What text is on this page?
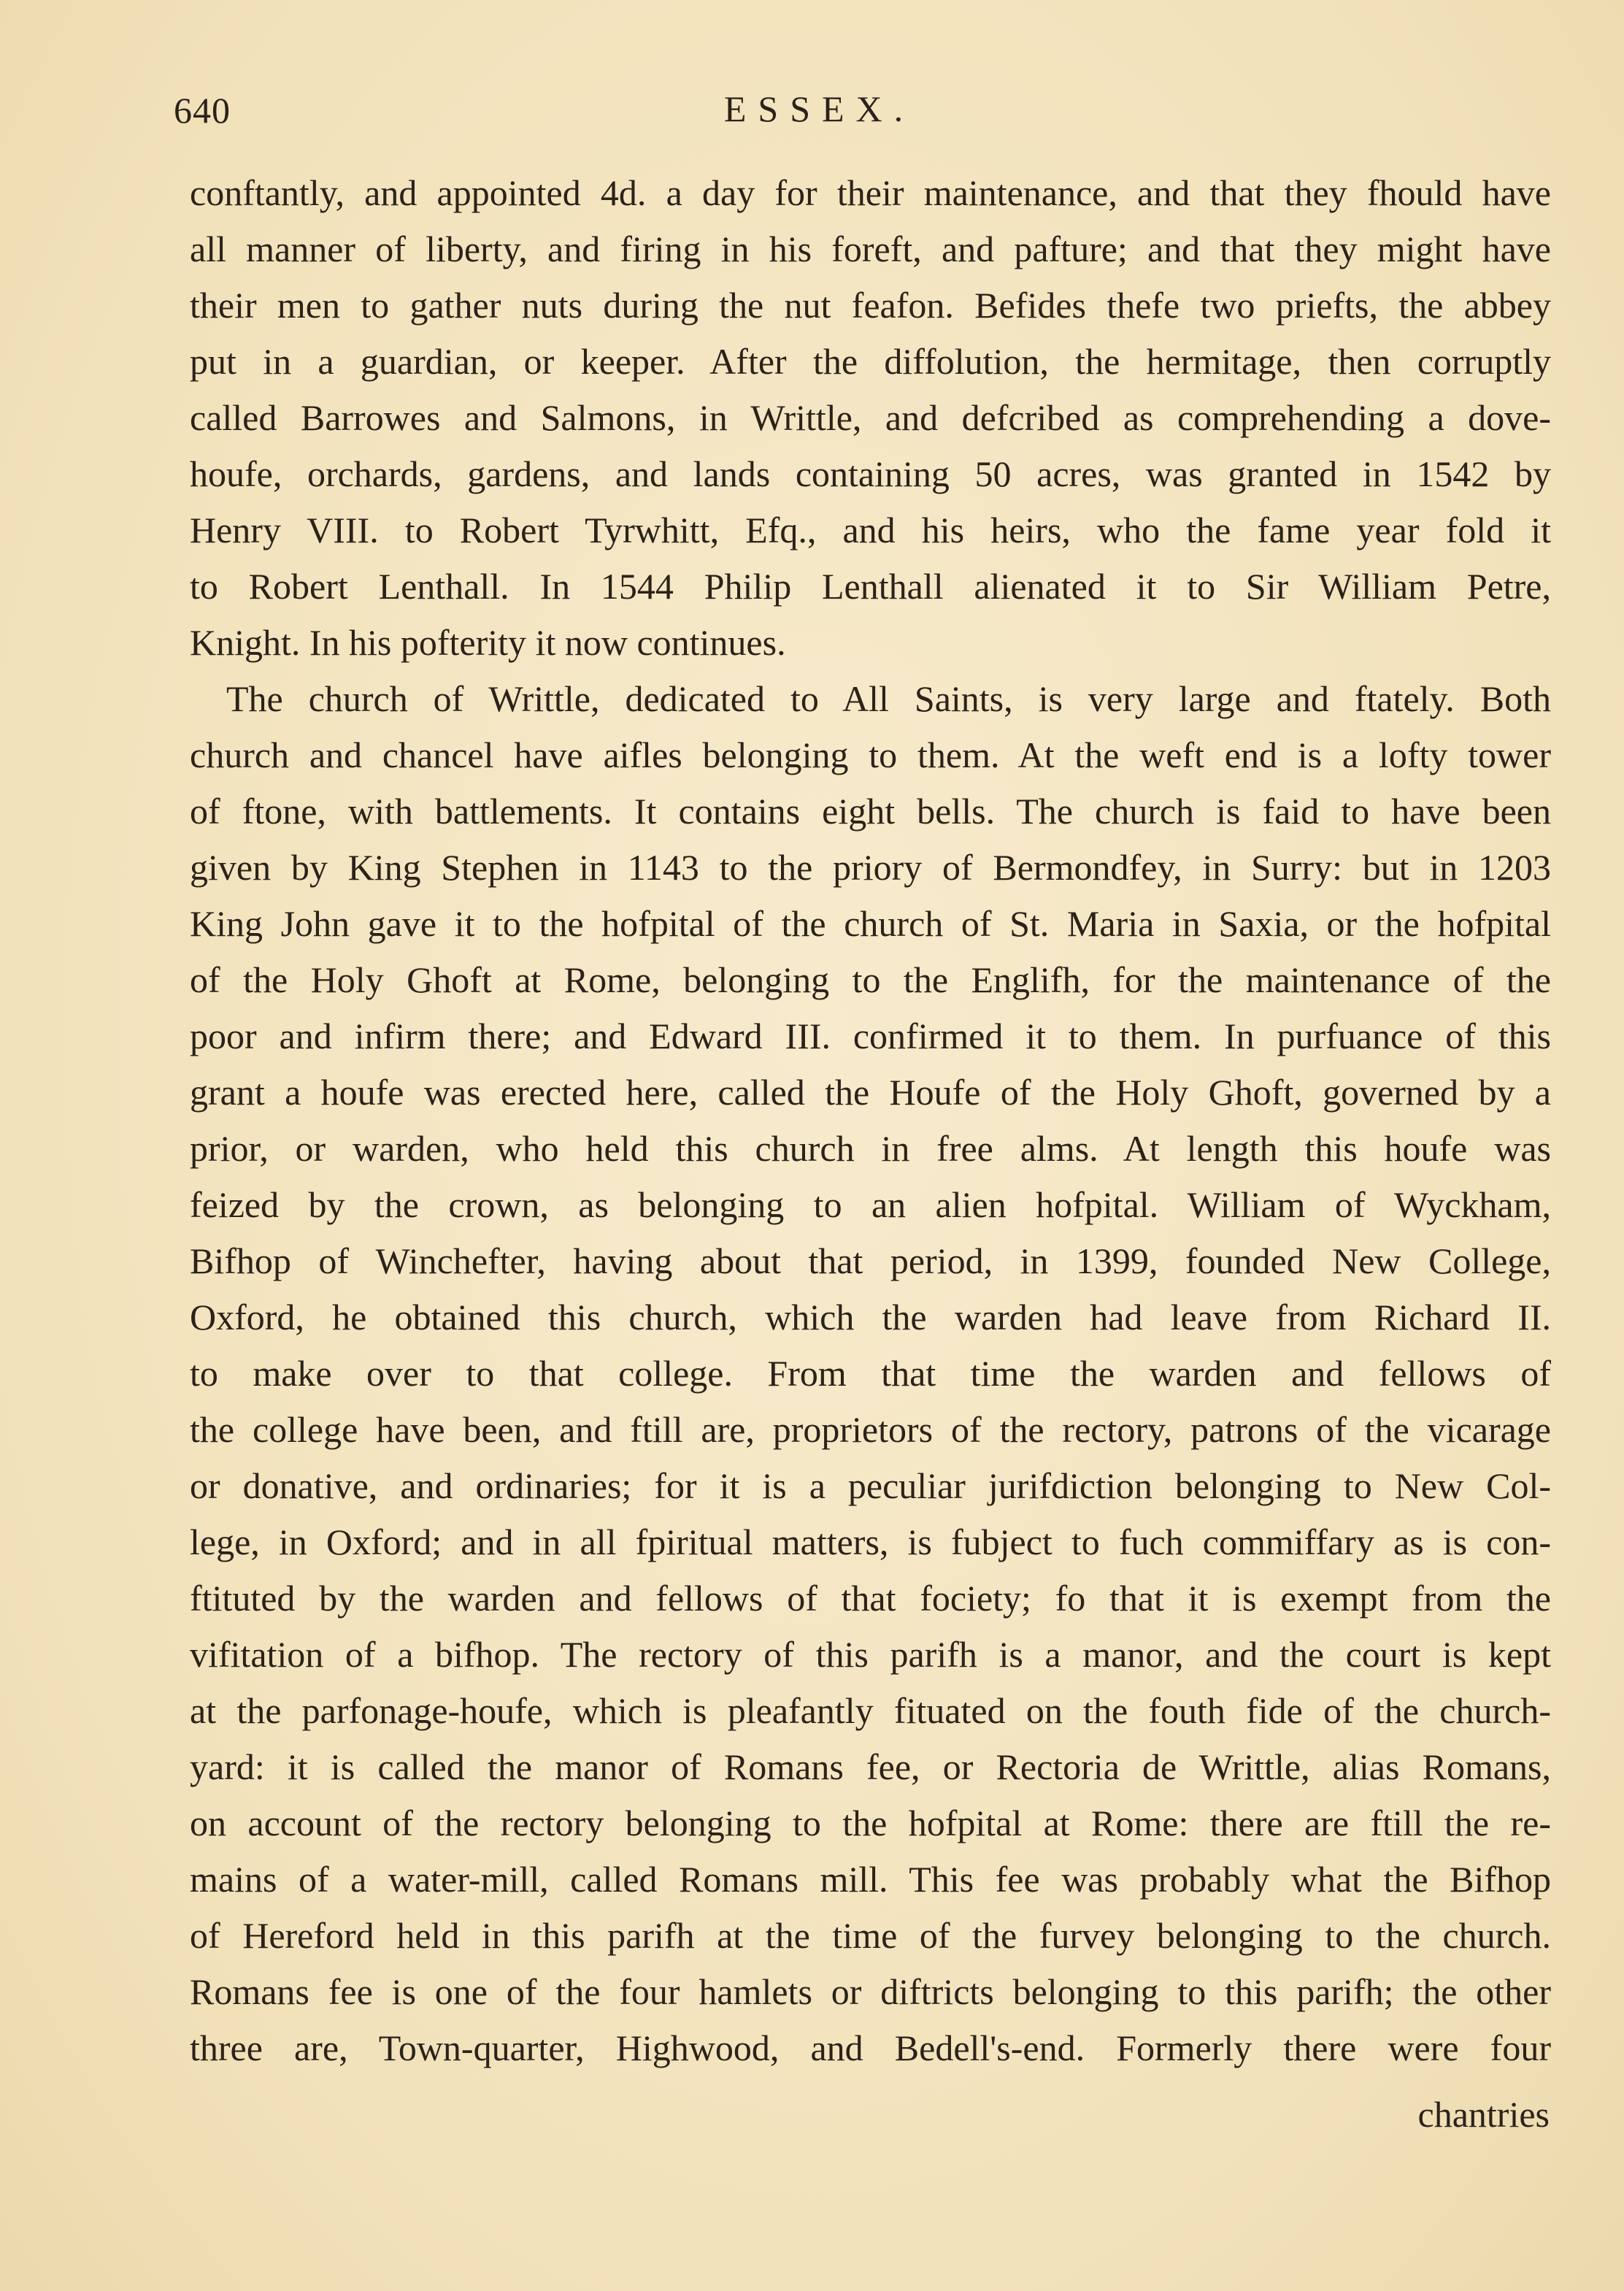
640	ESSEX.
conftantly, and appointed 4d. a day for their maintenance, and that they fhould have
all manner of liberty, and firing in his foreft, and pafture; and that they might have
their men to gather nuts during the nut feafon. Befides thefe two priefts, the abbey
put in a guardian, or keeper. After the diffolution, the hermitage, then corruptly
called Barrowes and Salmons, in Writtle, and defcribed as comprehending a dove-
houfe, orchards, gardens, and lands containing 50 acres, was granted in 1542 by
Henry VIII. to Robert Tyrwhitt, Efq., and his heirs, who the fame year fold it
to Robert Lenthall. In 1544 Philip Lenthall alienated it to Sir William Petre,
Knight. In his pofterity it now continues.
The church of Writtle, dedicated to All Saints, is very large and ftately. Both
church and chancel have aifles belonging to them. At the weft end is a lofty tower
of ftone, with battlements. It contains eight bells. The church is faid to have been
given by King Stephen in 1143 to the priory of Bermondfey, in Surry: but in 1203
King John gave it to the hofpital of the church of St. Maria in Saxia, or the hofpital
of the Holy Ghoft at Rome, belonging to the Englifh, for the maintenance of the
poor and infirm there; and Edward III. confirmed it to them. In purfuance of this
grant a houfe was erected here, called the Houfe of the Holy Ghoft, governed by a
prior, or warden, who held this church in free alms. At length this houfe was
feized by the crown, as belonging to an alien hofpital. William of Wyckham,
Bifhop of Winchefter, having about that period, in 1399, founded New College,
Oxford, he obtained this church, which the warden had leave from Richard II.
to make over to that college. From that time the warden and fellows of
the college have been, and ftill are, proprietors of the rectory, patrons of the vicarage
or donative, and ordinaries; for it is a peculiar jurifdiction belonging to New Col-
lege, in Oxford; and in all fpiritual matters, is fubject to fuch commiffary as is con-
ftituted by the warden and fellows of that fociety; fo that it is exempt from the
vifitation of a bifhop. The rectory of this parifh is a manor, and the court is kept
at the parfonage-houfe, which is pleafantly fituated on the fouth fide of the church-
yard: it is called the manor of Romans fee, or Rectoria de Writtle, alias Romans,
on account of the rectory belonging to the hofpital at Rome: there are ftill the re-
mains of a water-mill, called Romans mill. This fee was probably what the Bifhop
of Hereford held in this parifh at the time of the furvey belonging to the church.
Romans fee is one of the four hamlets or diftricts belonging to this parifh; the other
three are, Town-quarter, Highwood, and Bedell's-end. Formerly there were four
chantries
